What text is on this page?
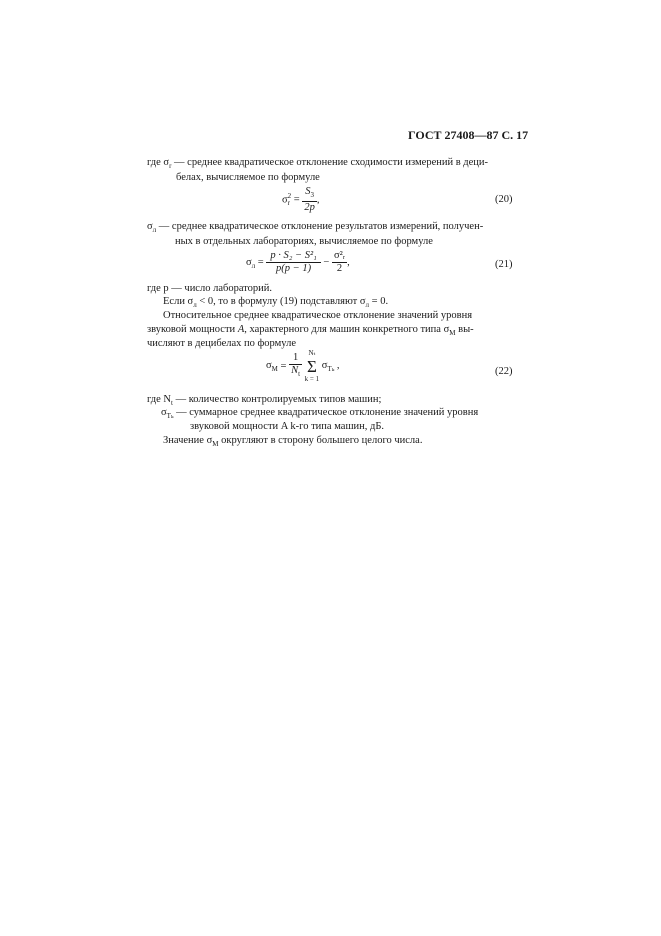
ГОСТ 27408—87 С. 17
где $\sigma_r$ — среднее квадратическое отклонение сходимости измерений в деци-
белах, вычисляемое по формуле
σ 2
$r = \frac{S_3}{2p}$ ,	(20)
$\sigma_л$ — среднее квадратическое отклонение результатов измерений, получен-
ных в отдельных лабораториях, вычисляемое по формуле
$\sigma_л = \frac{\text{p · S₂ − S²₁}}{p(p - 1)} - \frac{\text{σ²ᵣ}}{2}$ ,	(21)
где p — число лабораторий.
Если $\sigma_л < 0$, то в формулу (19) подставляют $\sigma_л = 0$.
Относительное среднее квадратическое отклонение значений уровня
звуковой мощности A, характерного для машин конкретного типа $\sigma_M$ вы-
числяют в децибелах по формуле
$\sigma_M = \frac{1}{N_t}$
Nₜ
Σ
k = 1
$\sigma_{T_k}$ ,
(22)
где $N_t$ — количество контролируемых типов машин;
$\sigma_{T_k}$ — суммарное среднее квадратическое отклонение значений уровня
звуковой мощности A k-го типа машин, дБ.
Значение $\sigma_M$ округляют в сторону большего целого числа.
